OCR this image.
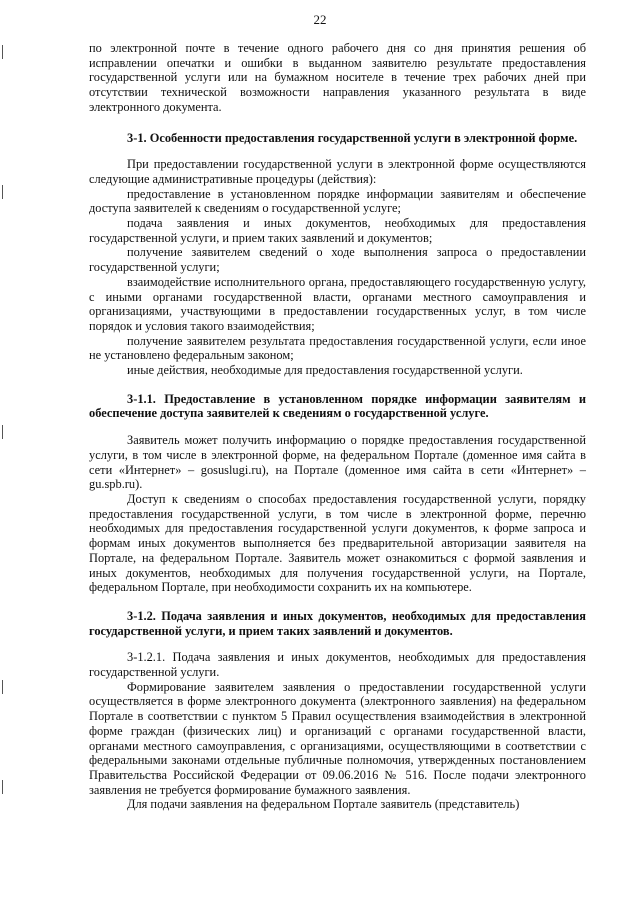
22

по электронной почте в течение одного рабочего дня со дня принятия решения об исправлении опечатки и ошибки в выданном заявителю результате предоставления государственной услуги или на бумажном носителе в течение трех рабочих дней при отсутствии технической возможности направления указанного результата в виде электронного документа.

3-1. Особенности предоставления государственной услуги в электронной форме.

При предоставлении государственной услуги в электронной форме осуществляются следующие административные процедуры (действия):

предоставление в установленном порядке информации заявителям и обеспечение доступа заявителей к сведениям о государственной услуге;

подача заявления и иных документов, необходимых для предоставления государственной услуги, и прием таких заявлений и документов;

получение заявителем сведений о ходе выполнения запроса о предоставлении государственной услуги;

взаимодействие исполнительного органа, предоставляющего государственную услугу, с иными органами государственной власти, органами местного самоуправления и организациями, участвующими в предоставлении государственных услуг, в том числе порядок и условия такого взаимодействия;

получение заявителем результата предоставления государственной услуги, если иное не установлено федеральным законом;

иные действия, необходимые для предоставления государственной услуги.

3-1.1. Предоставление в установленном порядке информации заявителям и обеспечение доступа заявителей к сведениям о государственной услуге.

Заявитель может получить информацию о порядке предоставления государственной услуги, в том числе в электронной форме, на федеральном Портале (доменное имя сайта в сети «Интернет» – gosuslugi.ru), на Портале (доменное имя сайта в сети «Интернет» – gu.spb.ru).

Доступ к сведениям о способах предоставления государственной услуги, порядку предоставления государственной услуги, в том числе в электронной форме, перечню необходимых для предоставления государственной услуги документов, к форме запроса и формам иных документов выполняется без предварительной авторизации заявителя на Портале, на федеральном Портале. Заявитель может ознакомиться с формой заявления и иных документов, необходимых для получения государственной услуги, на Портале, федеральном Портале, при необходимости сохранить их на компьютере.

3-1.2. Подача заявления и иных документов, необходимых для предоставления государственной услуги, и прием таких заявлений и документов.

3-1.2.1. Подача заявления и иных документов, необходимых для предоставления государственной услуги.

Формирование заявителем заявления о предоставлении государственной услуги осуществляется в форме электронного документа (электронного заявления) на федеральном Портале в соответствии с пунктом 5 Правил осуществления взаимодействия в электронной форме граждан (физических лиц) и организаций с органами государственной власти, органами местного самоуправления, с организациями, осуществляющими в соответствии с федеральными законами отдельные публичные полномочия, утвержденных постановлением Правительства Российской Федерации от 09.06.2016 № 516. После подачи электронного заявления не требуется формирование бумажного заявления.

Для подачи заявления на федеральном Портале заявитель (представитель)
